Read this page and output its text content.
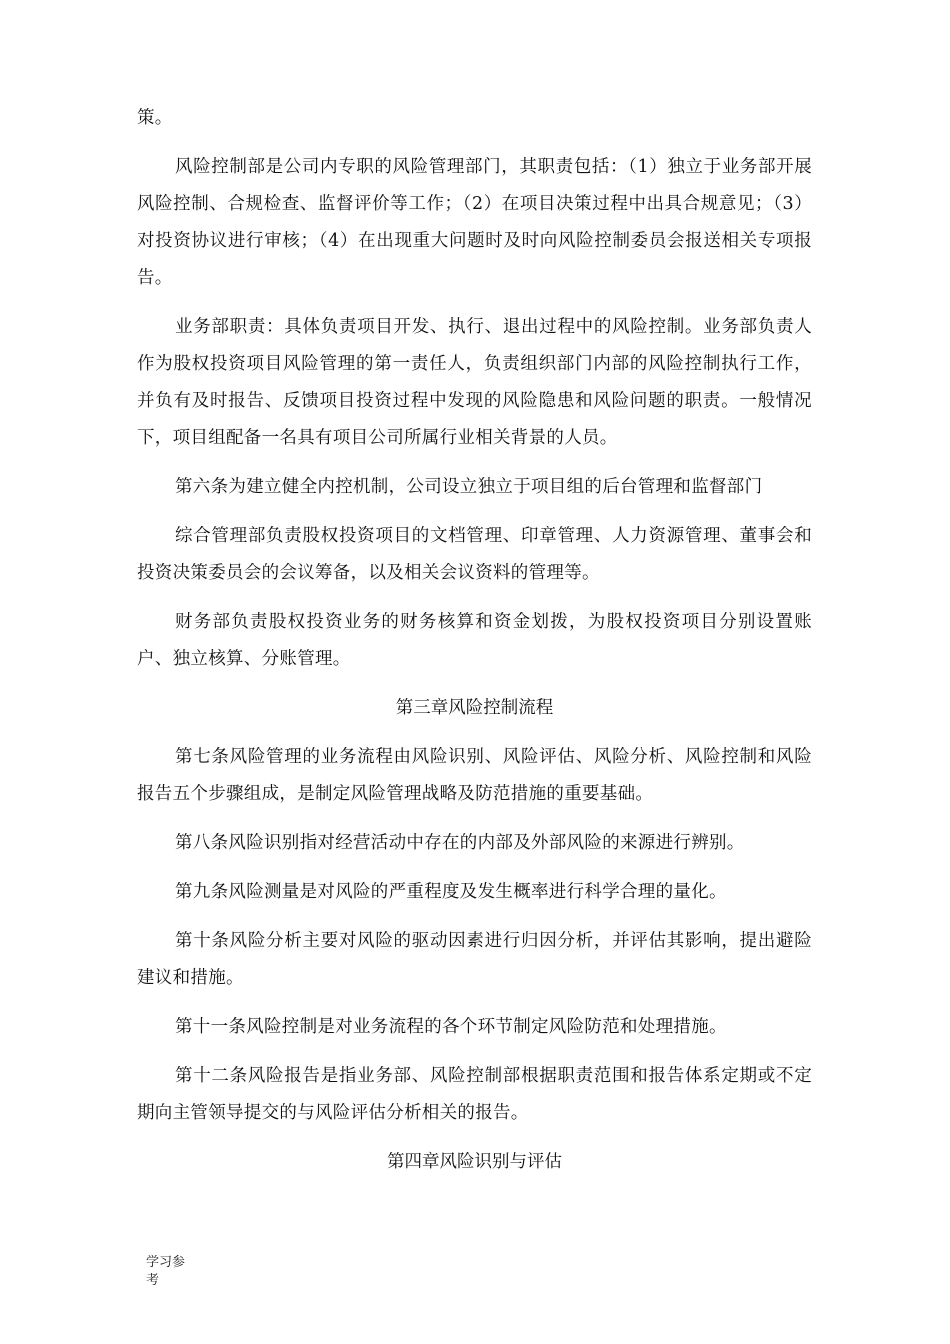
策。

风险控制部是公司内专职的风险管理部门，其职责包括：（1）独立于业务部开展风险控制、合规检查、监督评价等工作；（2）在项目决策过程中出具合规意见；（3）对投资协议进行审核；（4）在出现重大问题时及时向风险控制委员会报送相关专项报告。

业务部职责：具体负责项目开发、执行、退出过程中的风险控制。业务部负责人作为股权投资项目风险管理的第一责任人，负责组织部门内部的风险控制执行工作，并负有及时报告、反馈项目投资过程中发现的风险隐患和风险问题的职责。一般情况下，项目组配备一名具有项目公司所属行业相关背景的人员。

第六条为建立健全内控机制，公司设立独立于项目组的后台管理和监督部门

综合管理部负责股权投资项目的文档管理、印章管理、人力资源管理、董事会和投资决策委员会的会议筹备，以及相关会议资料的管理等。

财务部负责股权投资业务的财务核算和资金划拨，为股权投资项目分别设置账户、独立核算、分账管理。

第三章风险控制流程

第七条风险管理的业务流程由风险识别、风险评估、风险分析、风险控制和风险报告五个步骤组成，是制定风险管理战略及防范措施的重要基础。

第八条风险识别指对经营活动中存在的内部及外部风险的来源进行辨别。

第九条风险测量是对风险的严重程度及发生概率进行科学合理的量化。

第十条风险分析主要对风险的驱动因素进行归因分析，并评估其影响，提出避险建议和措施。

第十一条风险控制是对业务流程的各个环节制定风险防范和处理措施。

第十二条风险报告是指业务部、风险控制部根据职责范围和报告体系定期或不定期向主管领导提交的与风险评估分析相关的报告。

第四章风险识别与评估

学习参
考
